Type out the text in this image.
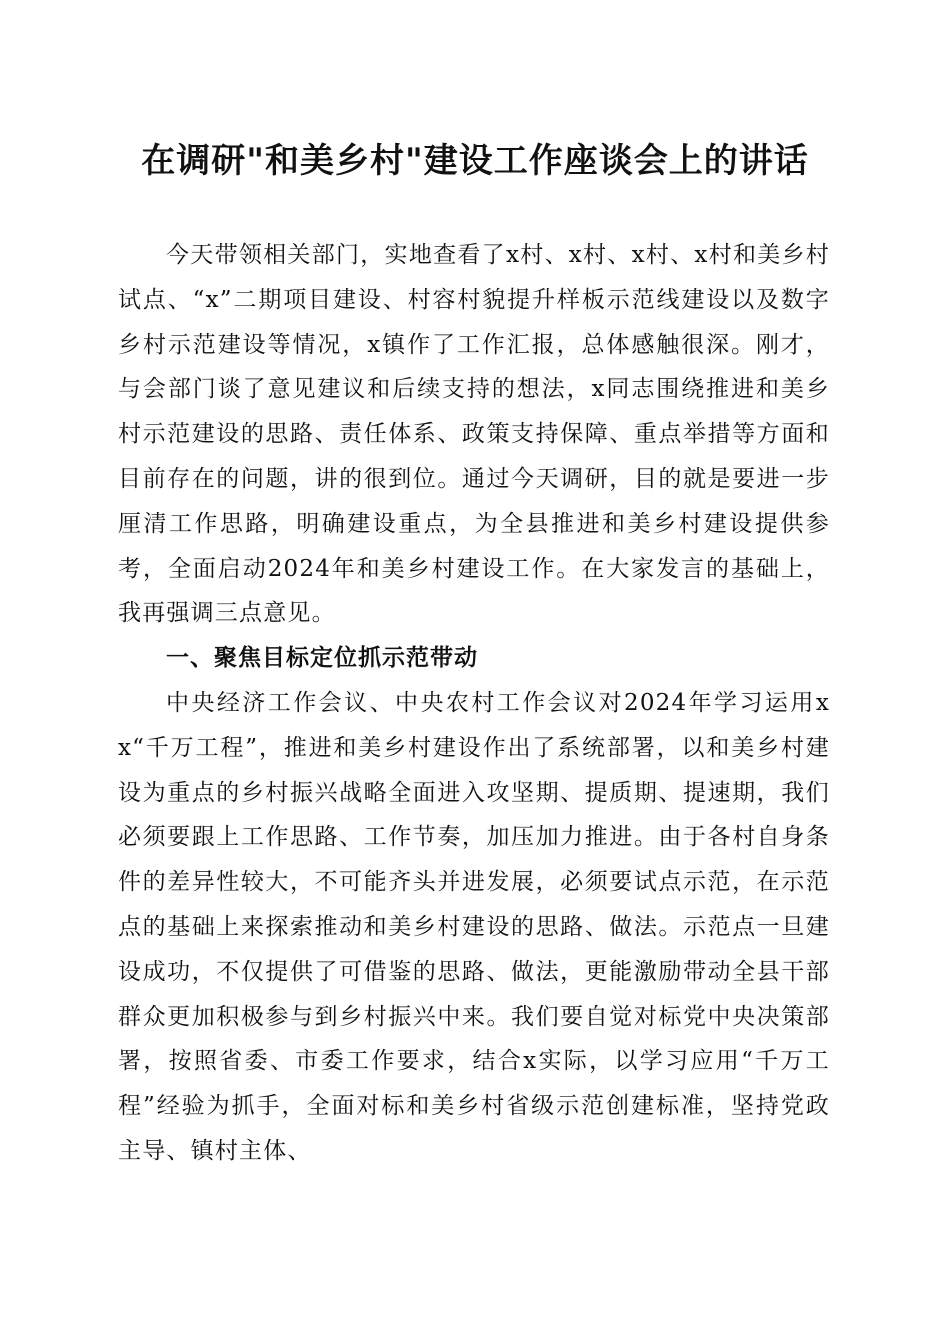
在调研"和美乡村"建设工作座谈会上的讲话

今天带领相关部门，实地查看了x村、x村、x村、x村和美乡村试点、“x”二期项目建设、村容村貌提升样板示范线建设以及数字乡村示范建设等情况，x镇作了工作汇报，总体感触很深。刚才，与会部门谈了意见建议和后续支持的想法，x同志围绕推进和美乡村示范建设的思路、责任体系、政策支持保障、重点举措等方面和目前存在的问题，讲的很到位。通过今天调研，目的就是要进一步厘清工作思路，明确建设重点，为全县推进和美乡村建设提供参考，全面启动2024年和美乡村建设工作。在大家发言的基础上，我再强调三点意见。

一、聚焦目标定位抓示范带动

中央经济工作会议、中央农村工作会议对2024年学习运用xx“千万工程”，推进和美乡村建设作出了系统部署，以和美乡村建设为重点的乡村振兴战略全面进入攻坚期、提质期、提速期，我们必须要跟上工作思路、工作节奏，加压加力推进。由于各村自身条件的差异性较大，不可能齐头并进发展，必须要试点示范，在示范点的基础上来探索推动和美乡村建设的思路、做法。示范点一旦建设成功，不仅提供了可借鉴的思路、做法，更能激励带动全县干部群众更加积极参与到乡村振兴中来。我们要自觉对标党中央决策部署，按照省委、市委工作要求，结合x实际，以学习应用“千万工程”经验为抓手，全面对标和美乡村省级示范创建标准，坚持党政主导、镇村主体、
